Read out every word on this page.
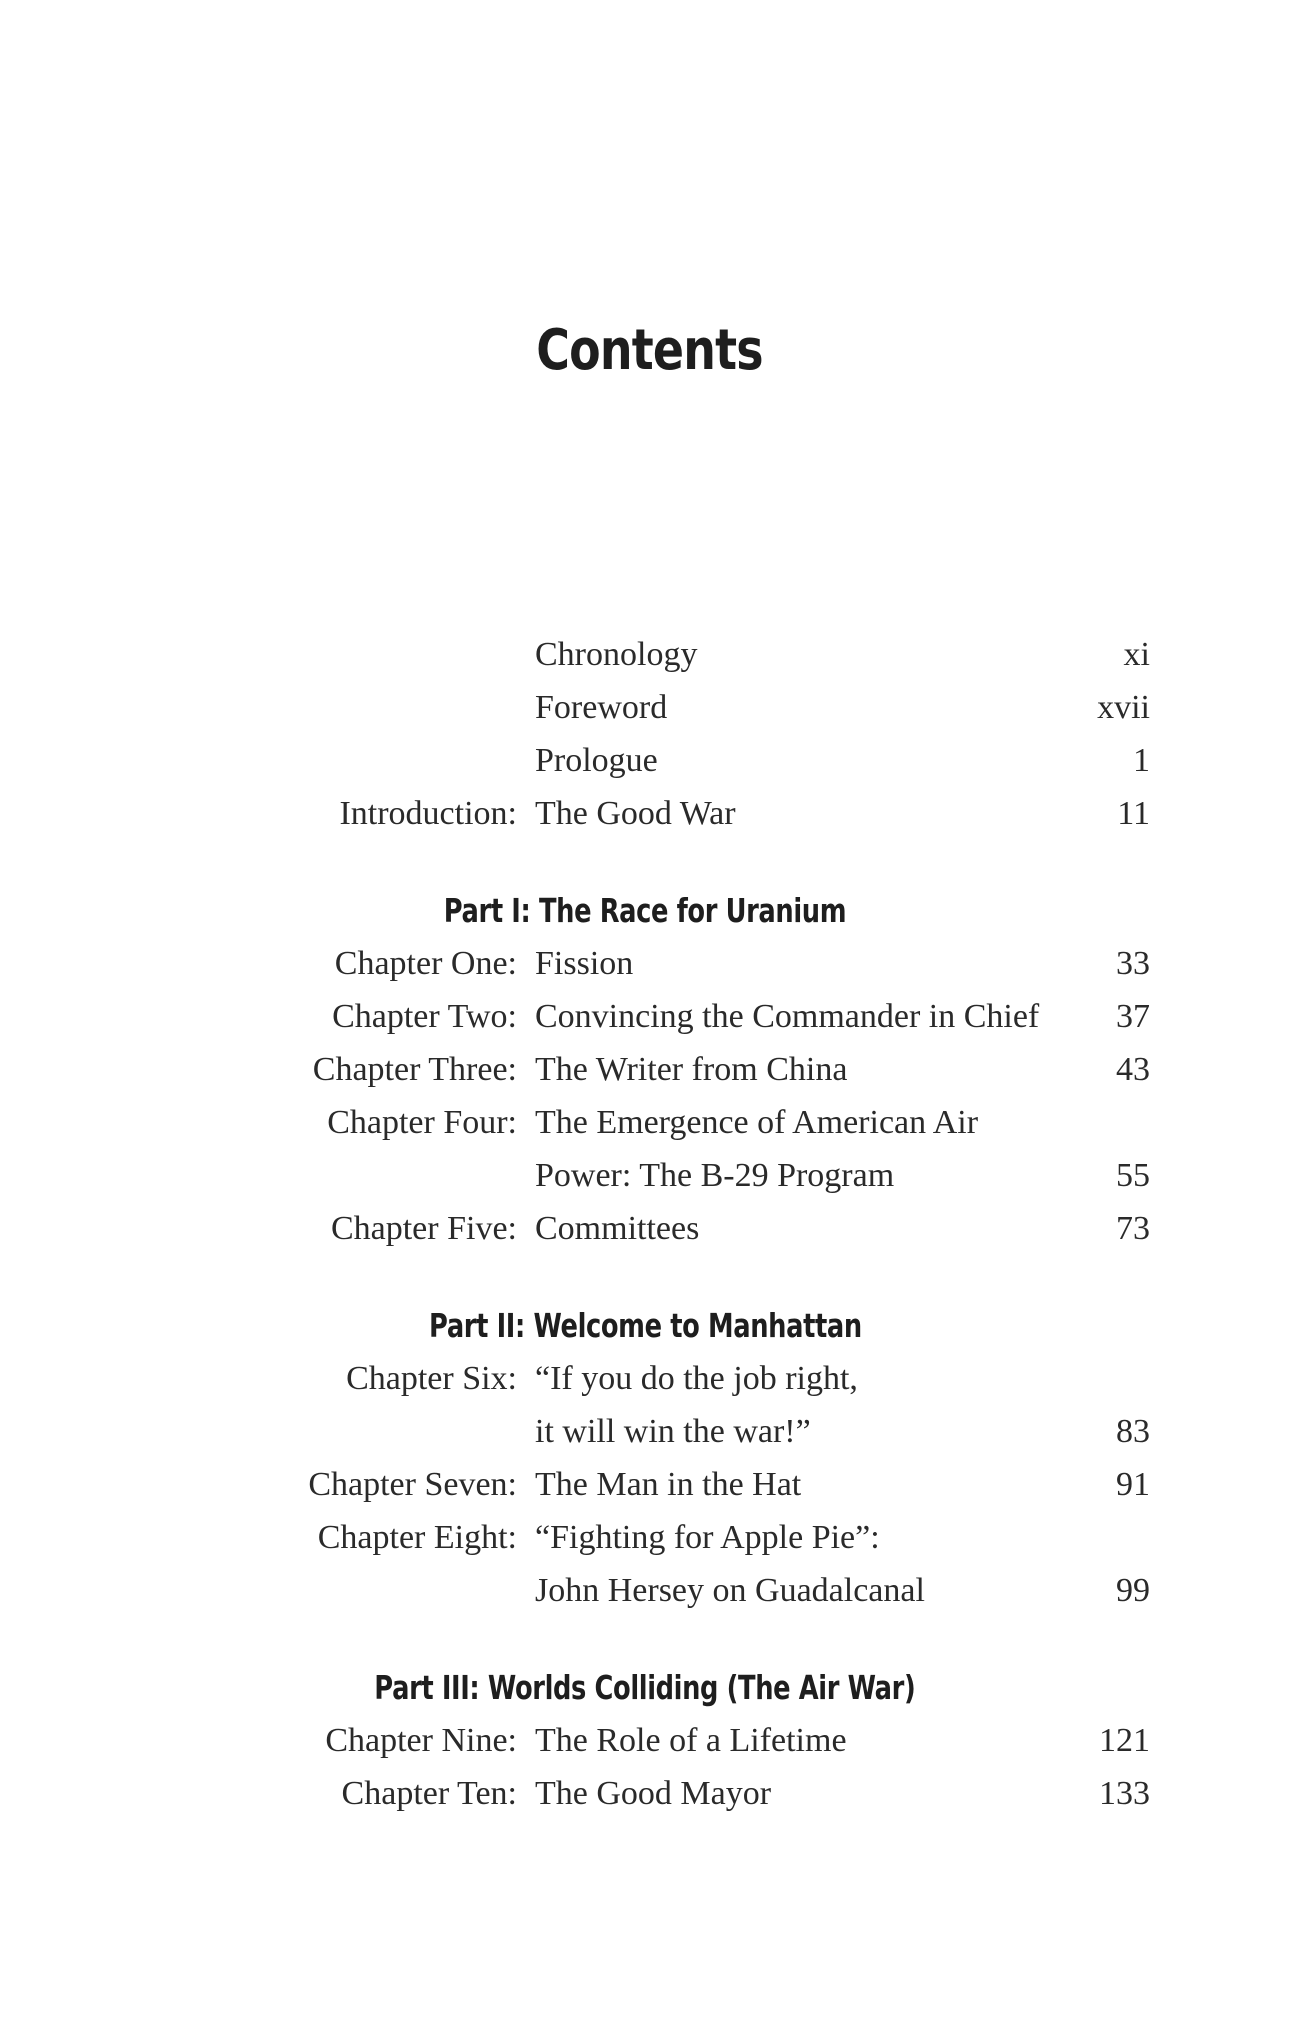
Contents
Chronology	xi
Foreword	xvii
Prologue	1
Introduction: The Good War	11
Part I: The Race for Uranium
Chapter One: Fission	33
Chapter Two: Convincing the Commander in Chief 37
Chapter Three: The Writer from China	43
Chapter Four: The Emergence of American Air
Power: The B-29 Program	55
Chapter Five: Committees	73
Part II: Welcome to Manhattan
Chapter Six: “If you do the job right,
it will win the war!”	83
Chapter Seven: The Man in the Hat	91
Chapter Eight: “Fighting for Apple Pie”:
John Hersey on Guadalcanal	99
Part III: Worlds Colliding (The Air War)
Chapter Nine: The Role of a Lifetime	121
Chapter Ten: The Good Mayor	133
